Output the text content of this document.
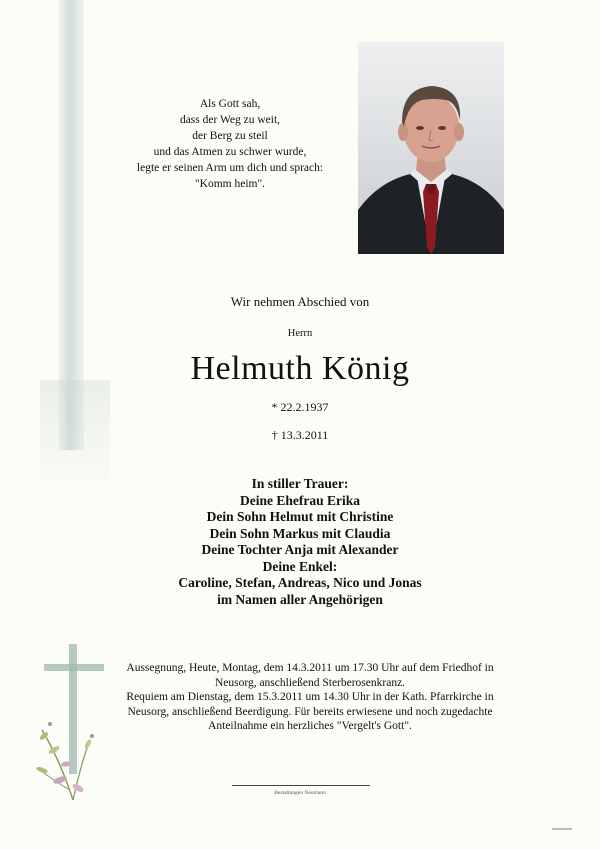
Als Gott sah,
dass der Weg zu weit,
der Berg zu steil
und das Atmen zu schwer wurde,
legte er seinen Arm um dich und sprach:
"Komm heim".
Wir nehmen Abschied von
Herrn
Helmuth König
* 22.2.1937
† 13.3.2011
In stiller Trauer:
Deine Ehefrau Erika
Dein Sohn Helmut mit Christine
Dein Sohn Markus mit Claudia
Deine Tochter Anja mit Alexander
Deine Enkel:
Caroline, Stefan, Andreas, Nico und Jonas
im Namen aller Angehörigen
Aussegnung, Heute, Montag, dem 14.3.2011 um 17.30 Uhr auf dem Friedhof in
Neusorg, anschließend Sterberosenkranz.
Requiem am Dienstag, dem 15.3.2011 um 14.30 Uhr in der Kath. Pfarrkirche in
Neusorg, anschließend Beerdigung. Für bereits erwiesene und noch zugedachte
Anteilnahme ein herzliches "Vergelt's Gott".
Bestattungen Neumann
